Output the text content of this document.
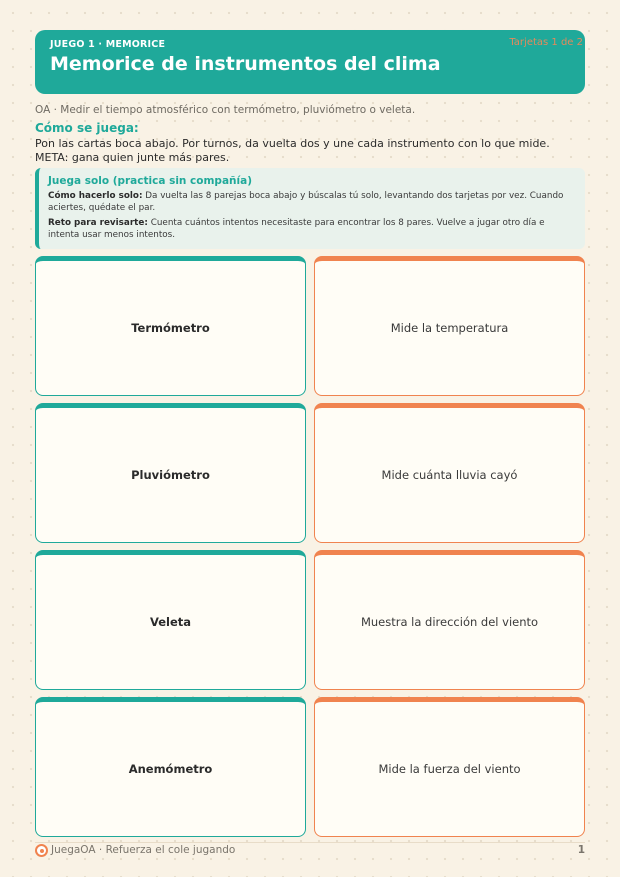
JUEGO 1 · MEMORICE
Memorice de instrumentos del clima
Tarjetas 1 de 2
OA · Medir el tiempo atmosférico con termómetro, pluviómetro o veleta.
Cómo se juega:
Pon las cartas boca abajo. Por turnos, da vuelta dos y une cada instrumento con lo que mide. META: gana quien junte más pares.
Juega solo (practica sin compañía)

Cómo hacerlo solo: Da vuelta las 8 parejas boca abajo y búscalas tú solo, levantando dos tarjetas por vez. Cuando aciertes, quédate el par.

Reto para revisarte: Cuenta cuántos intentos necesitaste para encontrar los 8 pares. Vuelve a jugar otro día e intenta usar menos intentos.

Termómetro	Mide la temperatura
Pluviómetro	Mide cuánta lluvia cayó
Veleta	Muestra la dirección del viento
Anemómetro	Mide la fuerza del viento
JuegaOA · Refuerza el cole jugando	1
